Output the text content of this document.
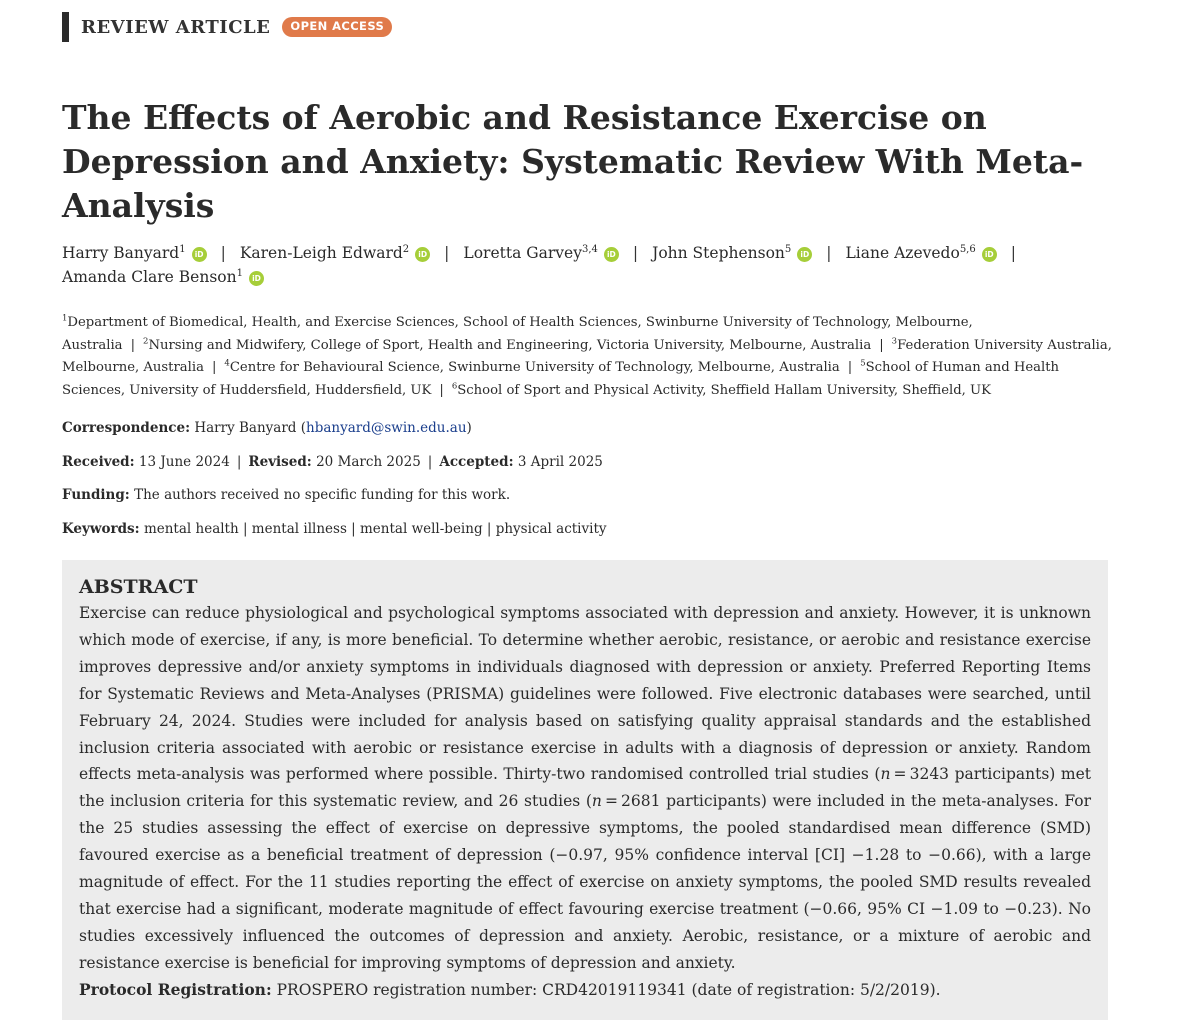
REVIEW ARTICLE	OPEN ACCESS
The Effects of Aerobic and Resistance Exercise on Depression and Anxiety: Systematic Review With Meta-Analysis
Harry Banyard$^1$ iD | Karen-Leigh Edward$^2$ iD | Loretta Garvey$^{3,4}$ iD | John Stephenson$^5$ iD | Liane Azevedo$^{5,6}$ iD |
Amanda Clare Benson$^1$ iD
$^1$Department of Biomedical, Health, and Exercise Sciences, School of Health Sciences, Swinburne University of Technology, Melbourne, Australia | $^2$Nursing and Midwifery, College of Sport, Health and Engineering, Victoria University, Melbourne, Australia | $^3$Federation University Australia, Melbourne, Australia | $^4$Centre for Behavioural Science, Swinburne University of Technology, Melbourne, Australia | $^5$School of Human and Health Sciences, University of Huddersfield, Huddersfield, UK | $^6$School of Sport and Physical Activity, Sheffield Hallam University, Sheffield, UK
Correspondence: Harry Banyard (hbanyard@swin.edu.au)
Received: 13 June 2024 | Revised: 20 March 2025 | Accepted: 3 April 2025
Funding: The authors received no specific funding for this work.
Keywords: mental health | mental illness | mental well-being | physical activity
ABSTRACT

Exercise can reduce physiological and psychological symptoms associated with depression and anxiety. However, it is unknown which mode of exercise, if any, is more beneficial. To determine whether aerobic, resistance, or aerobic and resistance exercise improves depressive and/or anxiety symptoms in individuals diagnosed with depression or anxiety. Preferred Reporting Items for Systematic Reviews and Meta-Analyses (PRISMA) guidelines were followed. Five electronic databases were searched, until February 24, 2024. Studies were included for analysis based on satisfying quality appraisal standards and the established inclusion criteria associated with aerobic or resistance exercise in adults with a diagnosis of depression or anxiety. Random effects meta-analysis was performed where possible. Thirty-two randomised controlled trial studies (n = 3243 participants) met the inclusion criteria for this systematic review, and 26 studies (n = 2681 participants) were included in the meta-analyses. For the 25 studies assessing the effect of exercise on depressive symptoms, the pooled standardised mean difference (SMD) favoured exercise as a beneficial treatment of depression (−0.97, 95% confidence interval [CI] −1.28 to −0.66), with a large magnitude of effect. For the 11 studies reporting the effect of exercise on anxiety symptoms, the pooled SMD results revealed that exercise had a significant, moderate magnitude of effect favouring exercise treatment (−0.66, 95% CI −1.09 to −0.23). No studies excessively influenced the outcomes of depression and anxiety. Aerobic, resistance, or a mixture of aerobic and resistance exercise is beneficial for improving symptoms of depression and anxiety.

Protocol Registration: PROSPERO registration number: CRD42019119341 (date of registration: 5/2/2019).
